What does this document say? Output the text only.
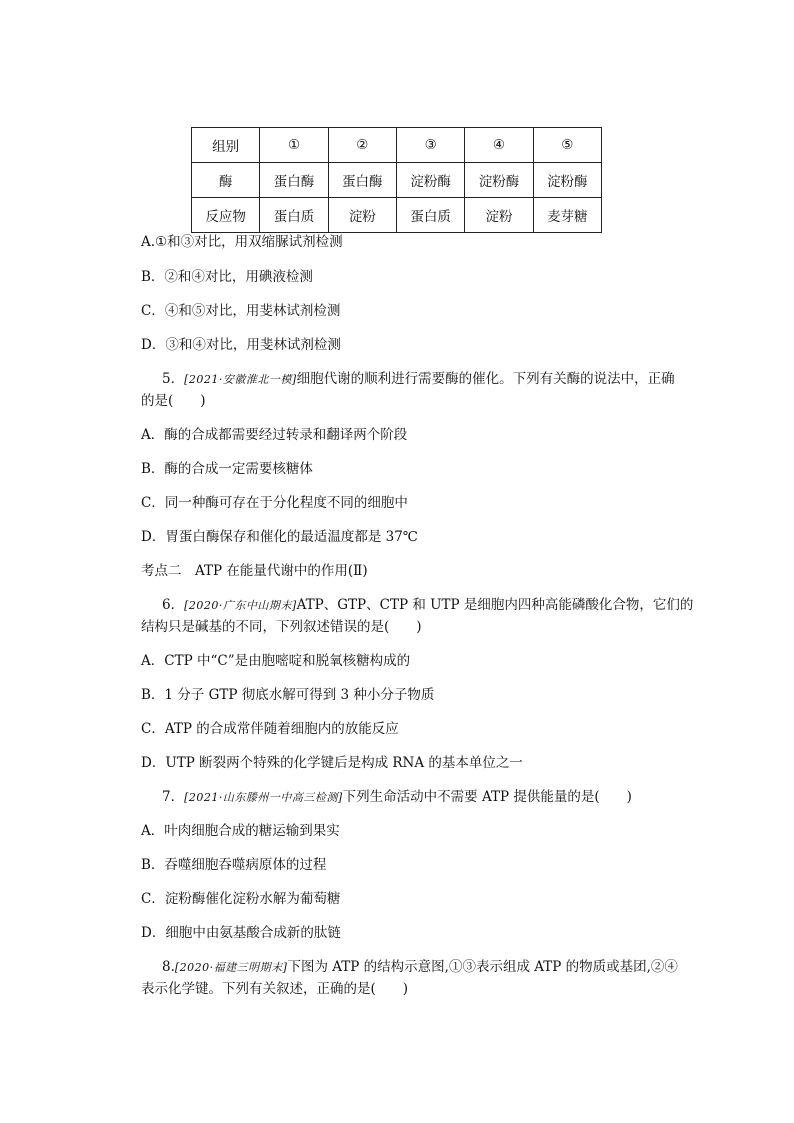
组别	①	②	③	④	⑤
酶	蛋白酶	蛋白酶	淀粉酶	淀粉酶	淀粉酶
反应物	蛋白质	淀粉	蛋白质	淀粉	麦芽糖
A.①和③对比，用双缩脲试剂检测
B．②和④对比，用碘液检测
C．④和⑤对比，用斐林试剂检测
D．③和④对比，用斐林试剂检测
5．[2021·安徽淮北一模]细胞代谢的顺利进行需要酶的催化。下列有关酶的说法中，正确
的是(　　)
A．酶的合成都需要经过转录和翻译两个阶段
B．酶的合成一定需要核糖体
C．同一种酶可存在于分化程度不同的细胞中
D．胃蛋白酶保存和催化的最适温度都是 37℃
考点二　ATP 在能量代谢中的作用(Ⅱ)
6．[2020·广东中山期末]ATP、GTP、CTP 和 UTP 是细胞内四种高能磷酸化合物，它们的
结构只是碱基的不同，下列叙述错误的是(　　)
A．CTP 中“C”是由胞嘧啶和脱氧核糖构成的
B．1 分子 GTP 彻底水解可得到 3 种小分子物质
C．ATP 的合成常伴随着细胞内的放能反应
D．UTP 断裂两个特殊的化学键后是构成 RNA 的基本单位之一
7．[2021·山东滕州一中高三检测]下列生命活动中不需要 ATP 提供能量的是(　　)
A．叶肉细胞合成的糖运输到果实
B．吞噬细胞吞噬病原体的过程
C．淀粉酶催化淀粉水解为葡萄糖
D．细胞中由氨基酸合成新的肽链
8.[2020·福建三明期末]下图为 ATP 的结构示意图,①③表示组成 ATP 的物质或基团,②④
表示化学键。下列有关叙述，正确的是(　　)
